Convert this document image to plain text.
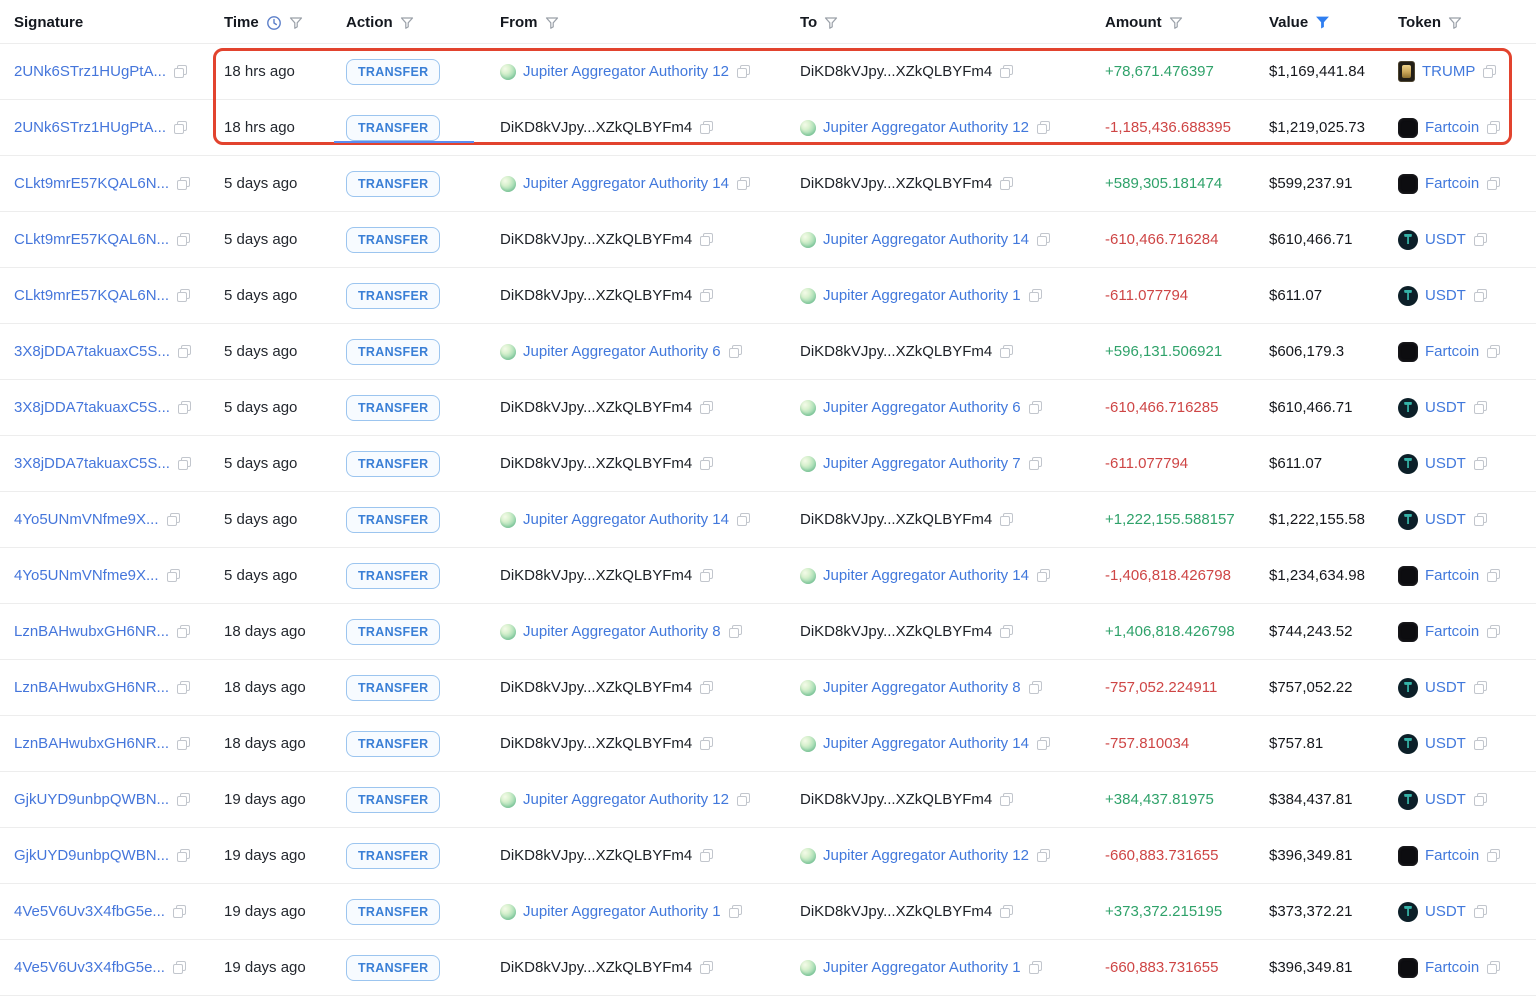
Signature	Time	Action	From	To	Amount	Value	Token
2UNk6STrz1HUgPtA...	18 hrs ago	TRANSFER	Jupiter Aggregator Authority 12	DiKD8kVJpy...XZkQLBYFm4	+78,671.476397	$1,169,441.84	TRUMP
2UNk6STrz1HUgPtA...	18 hrs ago	TRANSFER	DiKD8kVJpy...XZkQLBYFm4	Jupiter Aggregator Authority 12	-1,185,436.688395	$1,219,025.73	Fartcoin
CLkt9mrE57KQAL6N...	5 days ago	TRANSFER	Jupiter Aggregator Authority 14	DiKD8kVJpy...XZkQLBYFm4	+589,305.181474	$599,237.91	Fartcoin
CLkt9mrE57KQAL6N...	5 days ago	TRANSFER	DiKD8kVJpy...XZkQLBYFm4	Jupiter Aggregator Authority 14	-610,466.716284	$610,466.71 T	USDT
CLkt9mrE57KQAL6N...	5 days ago	TRANSFER	DiKD8kVJpy...XZkQLBYFm4	Jupiter Aggregator Authority 1	-611.077794	$611.07 T	USDT
3X8jDDA7takuaxC5S...	5 days ago	TRANSFER	Jupiter Aggregator Authority 6	DiKD8kVJpy...XZkQLBYFm4	+596,131.506921	$606,179.3	Fartcoin
3X8jDDA7takuaxC5S...	5 days ago	TRANSFER	DiKD8kVJpy...XZkQLBYFm4	Jupiter Aggregator Authority 6	-610,466.716285	$610,466.71 T	USDT
3X8jDDA7takuaxC5S...	5 days ago	TRANSFER	DiKD8kVJpy...XZkQLBYFm4	Jupiter Aggregator Authority 7	-611.077794	$611.07 T	USDT
4Yo5UNmVNfme9X...	5 days ago	TRANSFER	Jupiter Aggregator Authority 14	DiKD8kVJpy...XZkQLBYFm4	+1,222,155.588157 $1,222,155.58 T	USDT
4Yo5UNmVNfme9X...	5 days ago	TRANSFER	DiKD8kVJpy...XZkQLBYFm4	Jupiter Aggregator Authority 14	-1,406,818.426798	$1,234,634.98	Fartcoin
LznBAHwubxGH6NR...	18 days ago	TRANSFER	Jupiter Aggregator Authority 8	DiKD8kVJpy...XZkQLBYFm4	+1,406,818.426798 $744,243.52	Fartcoin
LznBAHwubxGH6NR...	18 days ago	TRANSFER	DiKD8kVJpy...XZkQLBYFm4	Jupiter Aggregator Authority 8	-757,052.224911	$757,052.22 T	USDT
LznBAHwubxGH6NR...	18 days ago	TRANSFER	DiKD8kVJpy...XZkQLBYFm4	Jupiter Aggregator Authority 14	-757.810034	$757.81 T	USDT
GjkUYD9unbpQWBN...	19 days ago	TRANSFER	Jupiter Aggregator Authority 12	DiKD8kVJpy...XZkQLBYFm4	+384,437.81975	$384,437.81 T	USDT
GjkUYD9unbpQWBN...	19 days ago	TRANSFER	DiKD8kVJpy...XZkQLBYFm4	Jupiter Aggregator Authority 12	-660,883.731655	$396,349.81	Fartcoin
4Ve5V6Uv3X4fbG5e...	19 days ago	TRANSFER	Jupiter Aggregator Authority 1	DiKD8kVJpy...XZkQLBYFm4	+373,372.215195	$373,372.21 T	USDT
4Ve5V6Uv3X4fbG5e...	19 days ago	TRANSFER	DiKD8kVJpy...XZkQLBYFm4	Jupiter Aggregator Authority 1	-660,883.731655	$396,349.81	Fartcoin
